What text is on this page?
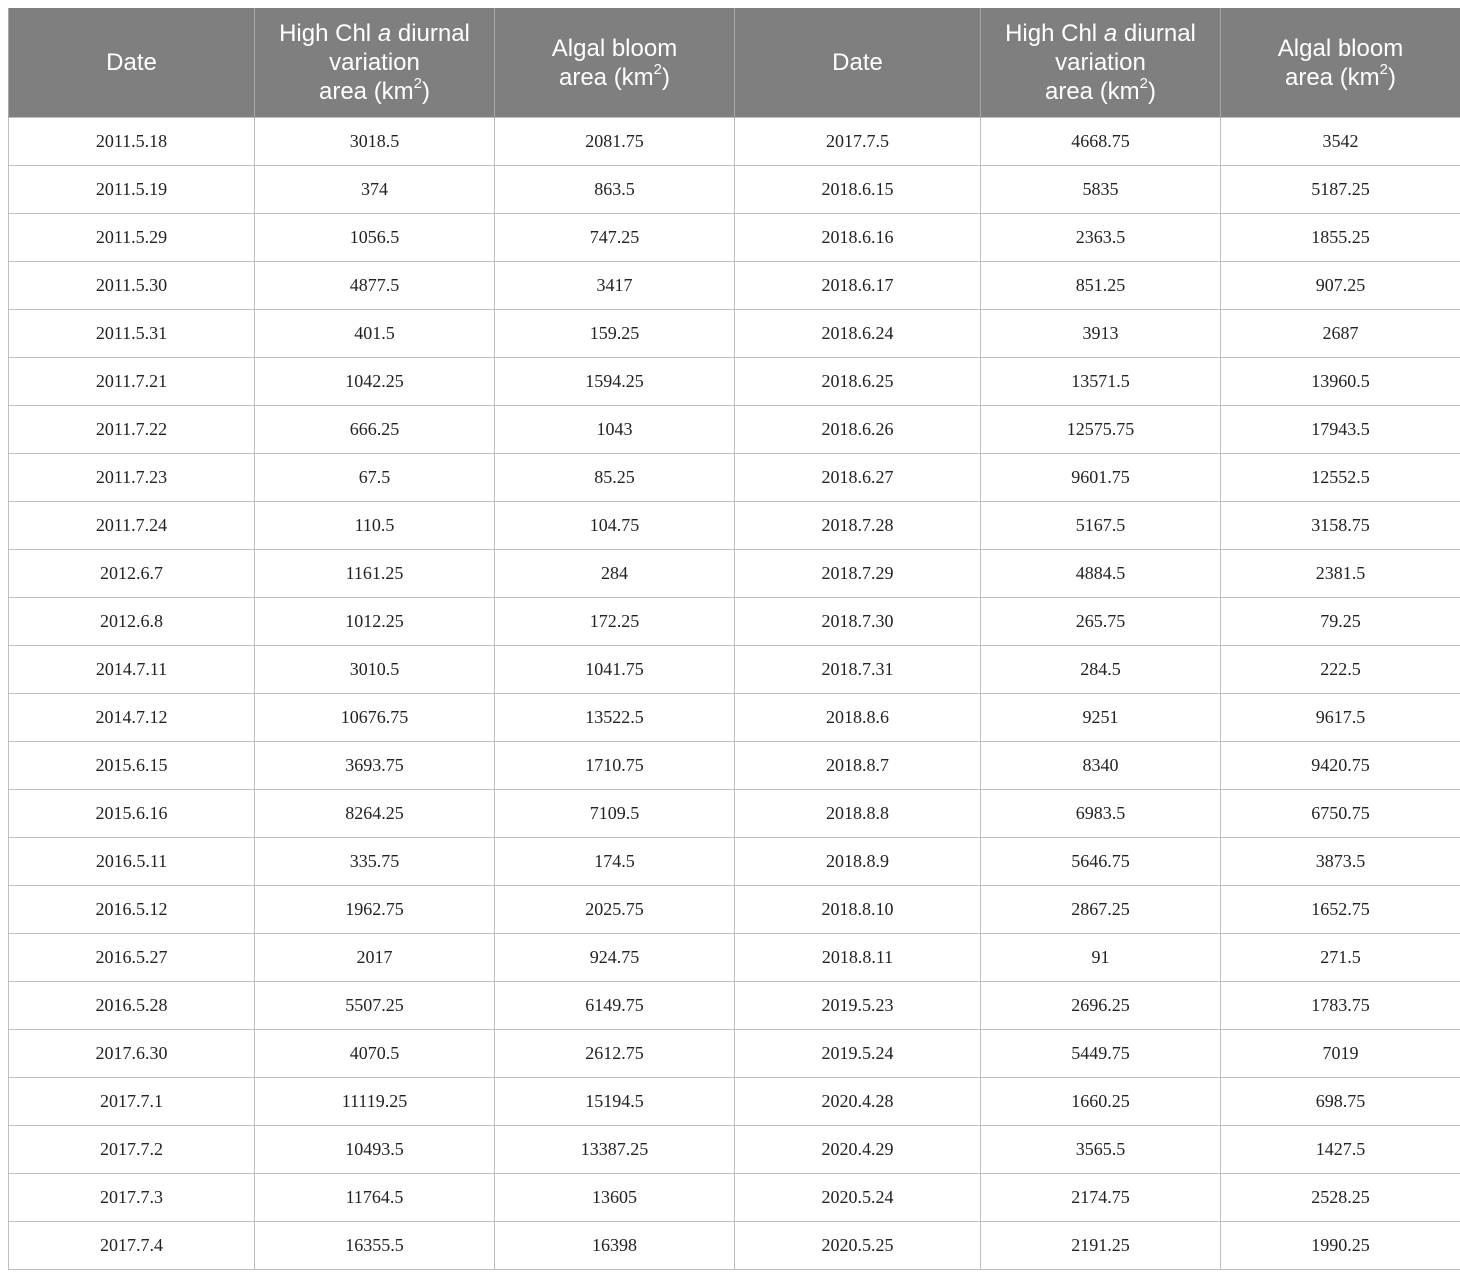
Date	High Chl a diurnal
variation
area $(km^2)$	Algal bloom
area $(km^2)$	Date	High Chl a diurnal
variation
area $(km^2)$	Algal bloom
area $(km^2)$

2011.5.18	3018.5	2081.75	2017.7.5	4668.75	3542
2011.5.19	374	863.5	2018.6.15	5835	5187.25
2011.5.29	1056.5	747.25	2018.6.16	2363.5	1855.25
2011.5.30	4877.5	3417	2018.6.17	851.25	907.25
2011.5.31	401.5	159.25	2018.6.24	3913	2687
2011.7.21	1042.25	1594.25	2018.6.25	13571.5	13960.5
2011.7.22	666.25	1043	2018.6.26	12575.75	17943.5
2011.7.23	67.5	85.25	2018.6.27	9601.75	12552.5
2011.7.24	110.5	104.75	2018.7.28	5167.5	3158.75
2012.6.7	1161.25	284	2018.7.29	4884.5	2381.5
2012.6.8	1012.25	172.25	2018.7.30	265.75	79.25
2014.7.11	3010.5	1041.75	2018.7.31	284.5	222.5
2014.7.12	10676.75	13522.5	2018.8.6	9251	9617.5
2015.6.15	3693.75	1710.75	2018.8.7	8340	9420.75
2015.6.16	8264.25	7109.5	2018.8.8	6983.5	6750.75
2016.5.11	335.75	174.5	2018.8.9	5646.75	3873.5
2016.5.12	1962.75	2025.75	2018.8.10	2867.25	1652.75
2016.5.27	2017	924.75	2018.8.11	91	271.5
2016.5.28	5507.25	6149.75	2019.5.23	2696.25	1783.75
2017.6.30	4070.5	2612.75	2019.5.24	5449.75	7019
2017.7.1	11119.25	15194.5	2020.4.28	1660.25	698.75
2017.7.2	10493.5	13387.25	2020.4.29	3565.5	1427.5
2017.7.3	11764.5	13605	2020.5.24	2174.75	2528.25
2017.7.4	16355.5	16398	2020.5.25	2191.25	1990.25
